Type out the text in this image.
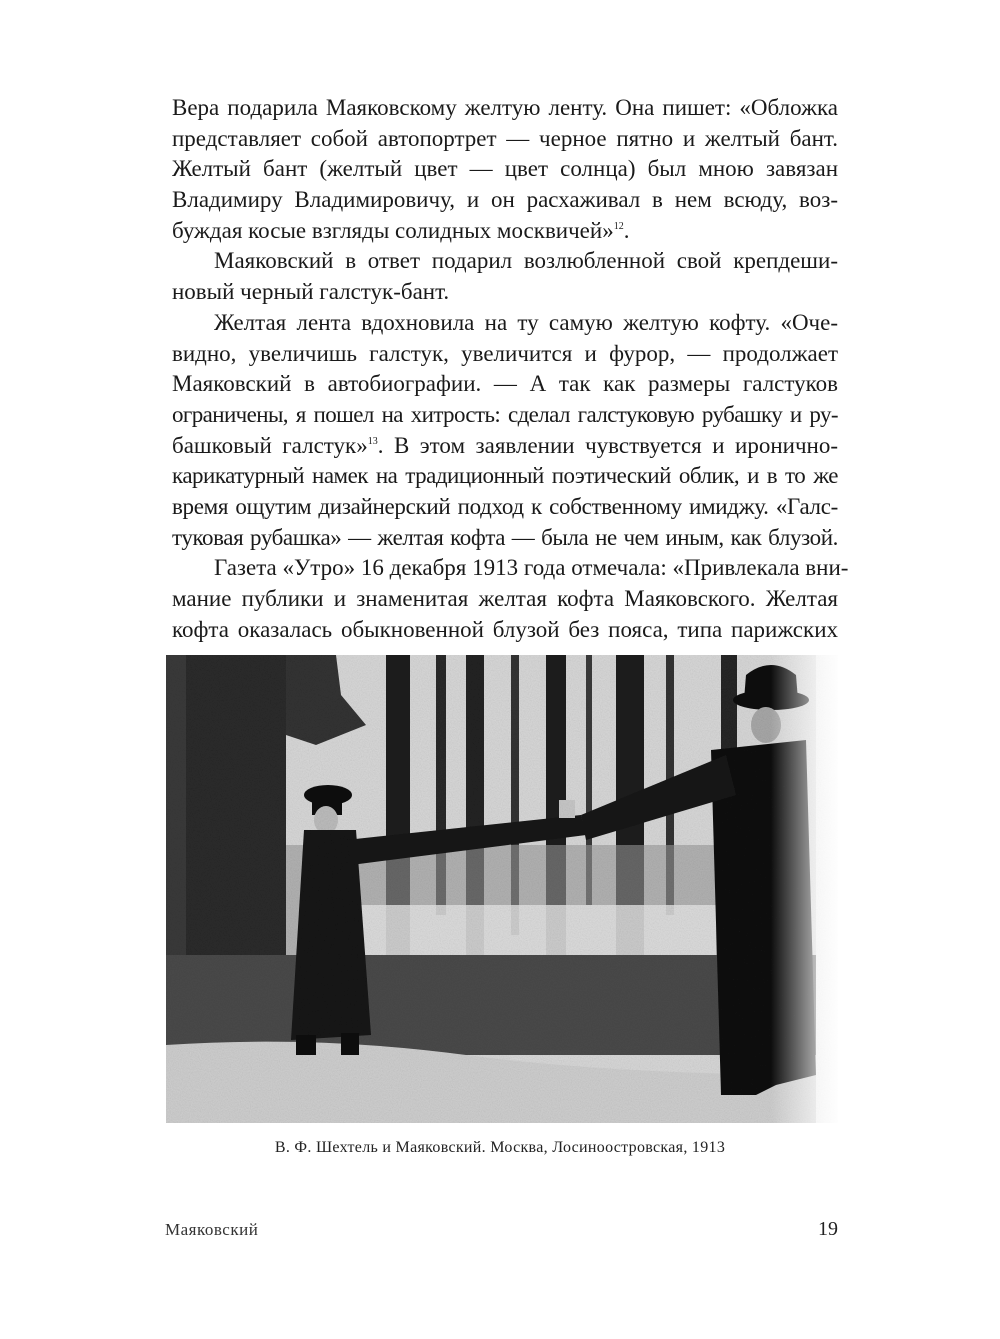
Вера подарила Маяковскому желтую ленту. Она пишет: «Обложка
представляет собой автопортрет — черное пятно и желтый бант.
Желтый бант (желтый цвет — цвет солнца) был мною завязан
Владимиру Владимировичу, и он расхаживал в нем всюду, воз-
буждая косые взгляды солидных москвичей»$^{12}$.
Маяковский в ответ подарил возлюбленной свой крепдеши-
новый черный галстук-бант.
Желтая лента вдохновила на ту самую желтую кофту. «Оче-
видно, увеличишь галстук, увеличится и фурор, — продолжает
Маяковский в автобиографии. — А так как размеры галстуков
ограничены, я пошел на хитрость: сделал галстуковую рубашку и ру-
башковый галстук»$^{13}$. В этом заявлении чувствуется и иронично-
карикатурный намек на традиционный поэтический облик, и в то же
время ощутим дизайнерский подход к собственному имиджу. «Галс-
туковая рубашка» — желтая кофта — была не чем иным, как блузой.
Газета «Утро» 16 декабря 1913 года отмечала: «Привлекала вни-
мание публики и знаменитая желтая кофта Маяковского. Желтая
кофта оказалась обыкновенной блузой без пояса, типа парижских
В. Ф. Шехтель и Маяковский. Москва, Лосиноостровская, 1913
Маяковский	19
